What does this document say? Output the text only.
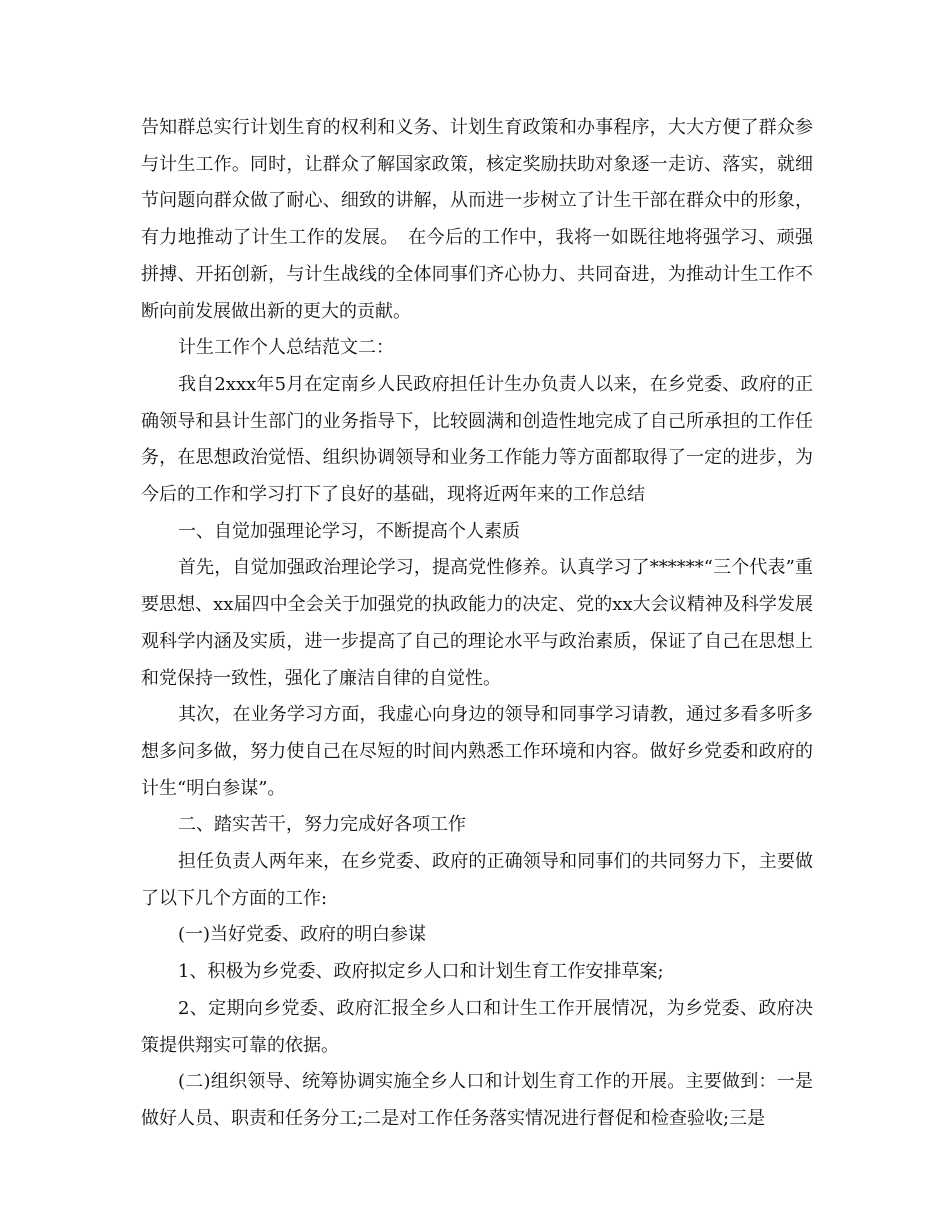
告知群总实行计划生育的权利和义务、计划生育政策和办事程序，大大方便了群众参与计生工作。同时，让群众了解国家政策，核定奖励扶助对象逐一走访、落实，就细节问题向群众做了耐心、细致的讲解，从而进一步树立了计生干部在群众中的形象，有力地推动了计生工作的发展。　在今后的工作中，我将一如既往地将强学习、顽强拼搏、开拓创新，与计生战线的全体同事们齐心协力、共同奋进，为推动计生工作不断向前发展做出新的更大的贡献。

计生工作个人总结范文二：

我自2xxx年5月在定南乡人民政府担任计生办负责人以来，在乡党委、政府的正确领导和县计生部门的业务指导下，比较圆满和创造性地完成了自己所承担的工作任务，在思想政治觉悟、组织协调领导和业务工作能力等方面都取得了一定的进步，为今后的工作和学习打下了良好的基础，现将近两年来的工作总结

一、自觉加强理论学习，不断提高个人素质

首先，自觉加强政治理论学习，提高党性修养。认真学习了******“三个代表”重要思想、xx届四中全会关于加强党的执政能力的决定、党的xx大会议精神及科学发展观科学内涵及实质，进一步提高了自己的理论水平与政治素质，保证了自己在思想上和党保持一致性，强化了廉洁自律的自觉性。

其次，在业务学习方面，我虚心向身边的领导和同事学习请教，通过多看多听多想多问多做，努力使自己在尽短的时间内熟悉工作环境和内容。做好乡党委和政府的计生“明白参谋”。

二、踏实苦干，努力完成好各项工作

担任负责人两年来，在乡党委、政府的正确领导和同事们的共同努力下，主要做了以下几个方面的工作:

(一)当好党委、政府的明白参谋

1、积极为乡党委、政府拟定乡人口和计划生育工作安排草案;

2、定期向乡党委、政府汇报全乡人口和计生工作开展情况，为乡党委、政府决策提供翔实可靠的依据。

(二)组织领导、统筹协调实施全乡人口和计划生育工作的开展。主要做到：一是做好人员、职责和任务分工;二是对工作任务落实情况进行督促和检查验收;三是
